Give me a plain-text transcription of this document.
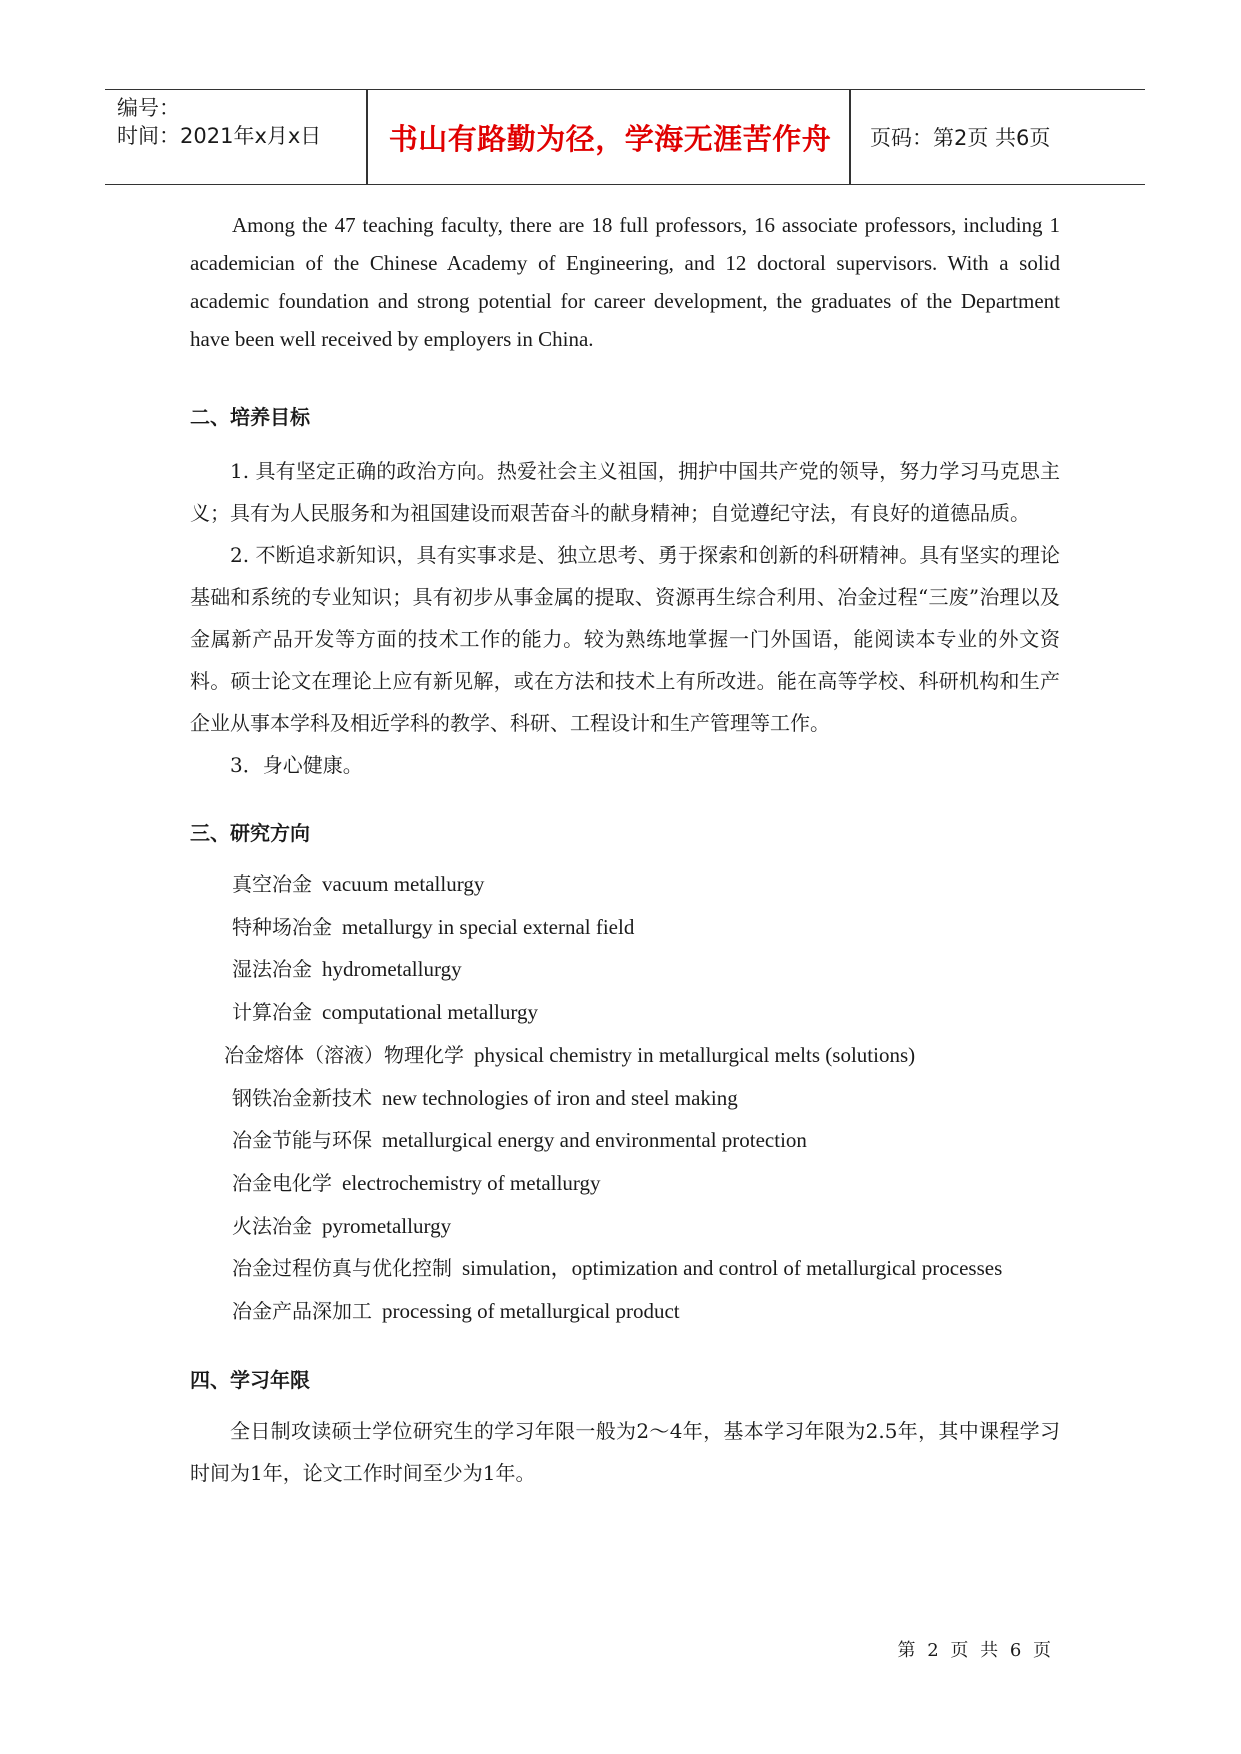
编号：
时间：2021年x月x日	书山有路勤为径，学海无涯苦作舟	页码：第2页 共6页

Among the 47 teaching faculty, there are 18 full professors, 16 associate professors, including 1 academician of the Chinese Academy of Engineering, and 12 doctoral supervisors. With a solid academic foundation and strong potential for career development, the graduates of the Department have been well received by employers in China.

二、培养目标

1. 具有坚定正确的政治方向。热爱社会主义祖国，拥护中国共产党的领导，努力学习马克思主义；具有为人民服务和为祖国建设而艰苦奋斗的献身精神；自觉遵纪守法，有良好的道德品质。

2. 不断追求新知识，具有实事求是、独立思考、勇于探索和创新的科研精神。具有坚实的理论基础和系统的专业知识；具有初步从事金属的提取、资源再生综合利用、冶金过程“三废”治理以及金属新产品开发等方面的技术工作的能力。较为熟练地掌握一门外国语，能阅读本专业的外文资料。硕士论文在理论上应有新见解，或在方法和技术上有所改进。能在高等学校、科研机构和生产企业从事本学科及相近学科的教学、科研、工程设计和生产管理等工作。

3．身心健康。

三、研究方向
真空冶金 vacuum metallurgy
特种场冶金 metallurgy in special external field
湿法冶金 hydrometallurgy
计算冶金 computational metallurgy
冶金熔体（溶液）物理化学 physical chemistry in metallurgical melts (solutions)
钢铁冶金新技术 new technologies of iron and steel making
冶金节能与环保 metallurgical energy and environmental protection
冶金电化学 electrochemistry of metallurgy
火法冶金 pyrometallurgy
冶金过程仿真与优化控制 simulation，optimization and control of metallurgical processes
冶金产品深加工 processing of metallurgical product
四、学习年限

全日制攻读硕士学位研究生的学习年限一般为2～4年，基本学习年限为2.5年，其中课程学习时间为1年，论文工作时间至少为1年。

第 2 页 共 6 页
